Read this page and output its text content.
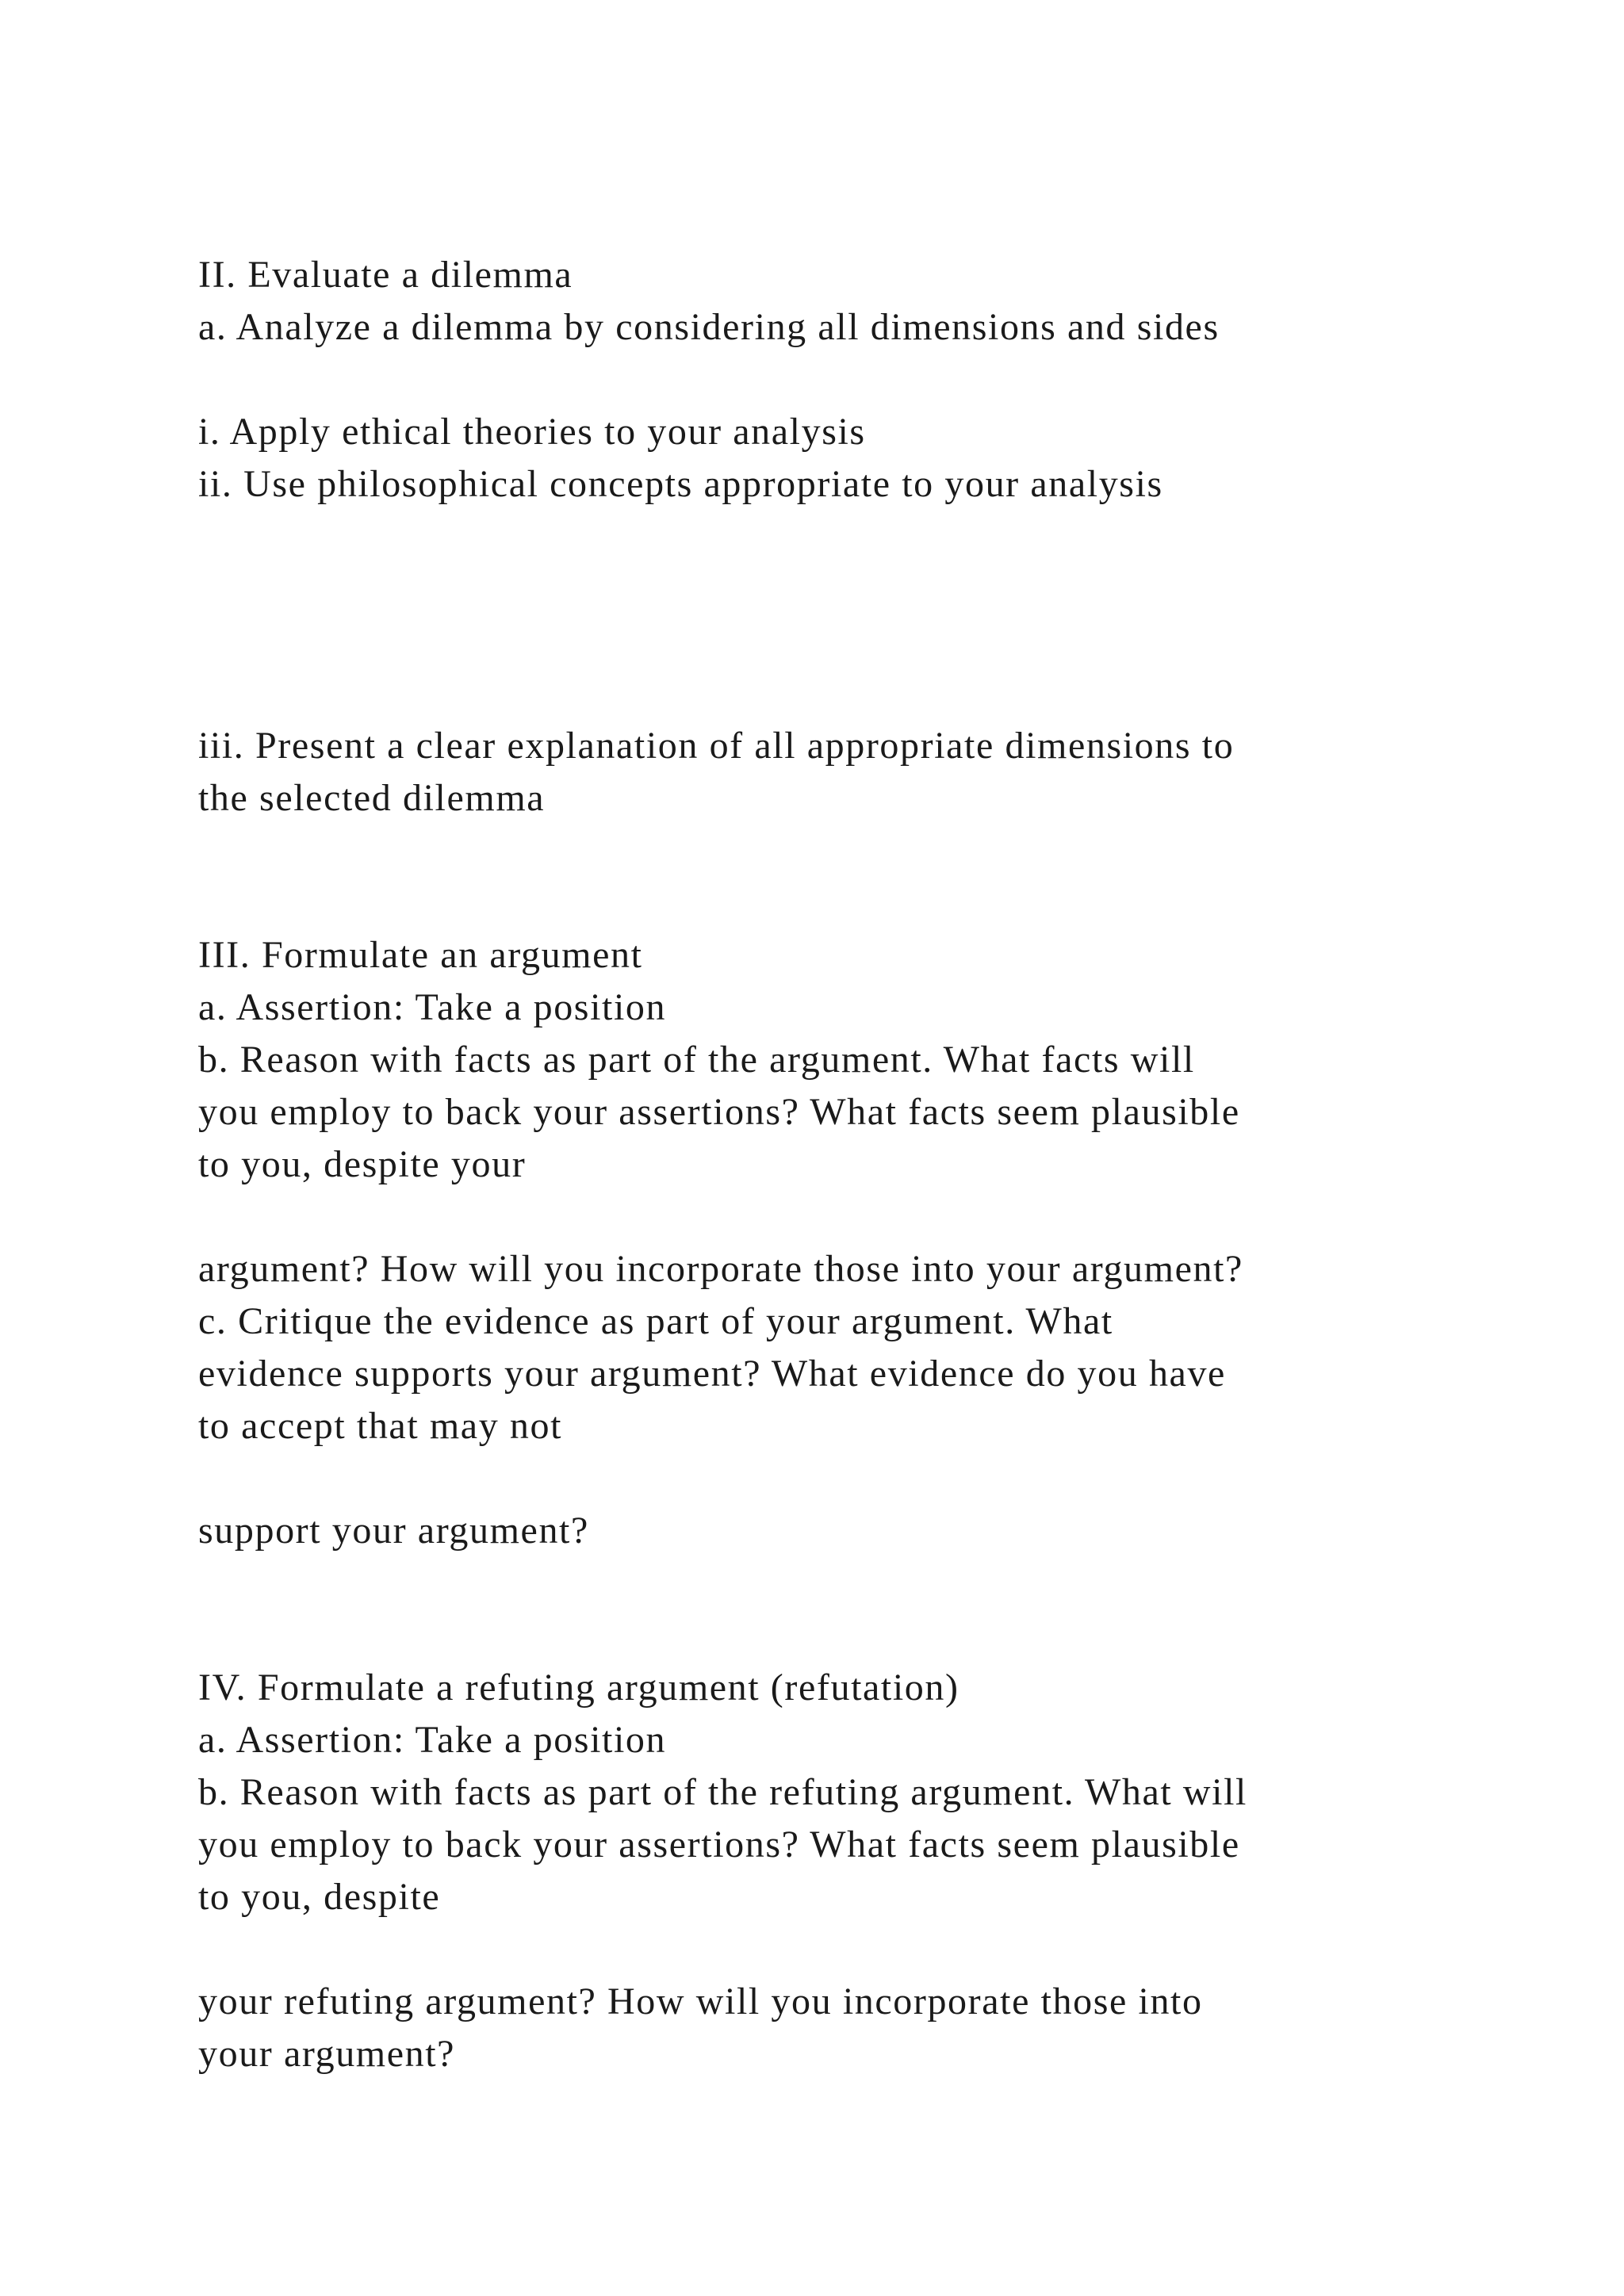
II. Evaluate a dilemma
a. Analyze a dilemma by considering all dimensions and sides
i. Apply ethical theories to your analysis
ii. Use philosophical concepts appropriate to your analysis
iii. Present a clear explanation of all appropriate dimensions to
the selected dilemma
III. Formulate an argument
a. Assertion: Take a position
b. Reason with facts as part of the argument. What facts will
you employ to back your assertions? What facts seem plausible
to you, despite your
argument? How will you incorporate those into your argument?
c. Critique the evidence as part of your argument. What
evidence supports your argument? What evidence do you have
to accept that may not
support your argument?
IV. Formulate a refuting argument (refutation)
a. Assertion: Take a position
b. Reason with facts as part of the refuting argument. What will
you employ to back your assertions? What facts seem plausible
to you, despite
your refuting argument? How will you incorporate those into
your argument?
